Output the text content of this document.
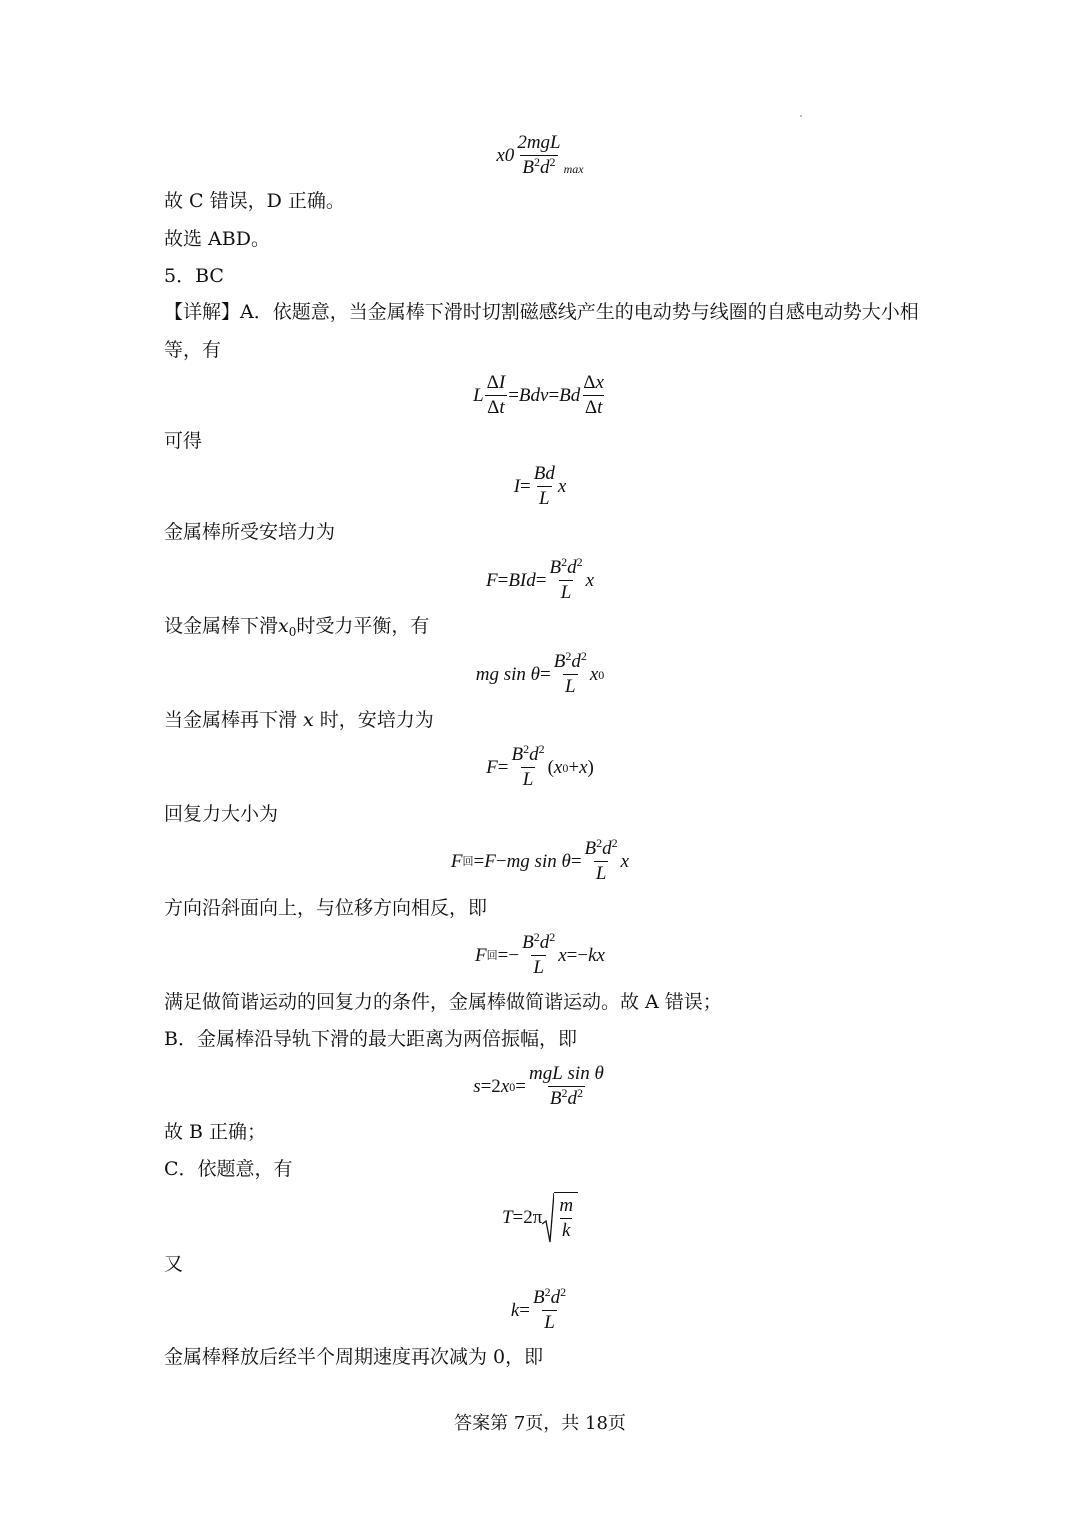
$x0 \frac{\text{2mgL}}{B^2d^2}$ max
故 C 错误，D 正确。
故选 ABD。
5．BC
【详解】A．依题意，当金属棒下滑时切割磁感线产生的电动势与线圈的自感电动势大小相
等，有
L $\frac{\Delta I}{\Delta t}$ = Bdv = Bd $\frac{\Delta x}{\Delta t}$
可得
$I = \frac{Bd}{L}$ x
金属棒所受安培力为
F = BId = $\frac{B^2d^2}{L}$ x
设金属棒下滑$x_0$时受力平衡，有
mg
sin
$\theta = \frac{B^2d^2}{L}$ x 0
当金属棒再下滑 x 时，安培力为
$F = \frac{B^2d^2}{L}$ ( x 0 + x )
回复力大小为
F 回 = F − mg
sin
$\theta = \frac{B^2d^2}{L}$ x
方向沿斜面向上，与位移方向相反，即
F 回 =− $\frac{B^2d^2}{L}$ x =− kx
满足做简谐运动的回复力的条件，金属棒做简谐运动。故 A 错误；
B．金属棒沿导轨下滑的最大距离为两倍振幅，即
s =2 x $0 = \frac{\text{mgL sin θ}}{B^2d^2}$
故 B 正确；
C．依题意，有
$T =2\pi \frac{m}{k}$
又
$k = \frac{B^2d^2}{L}$
金属棒释放后经半个周期速度再次减为 0，即
答案第 7页，共 18页
